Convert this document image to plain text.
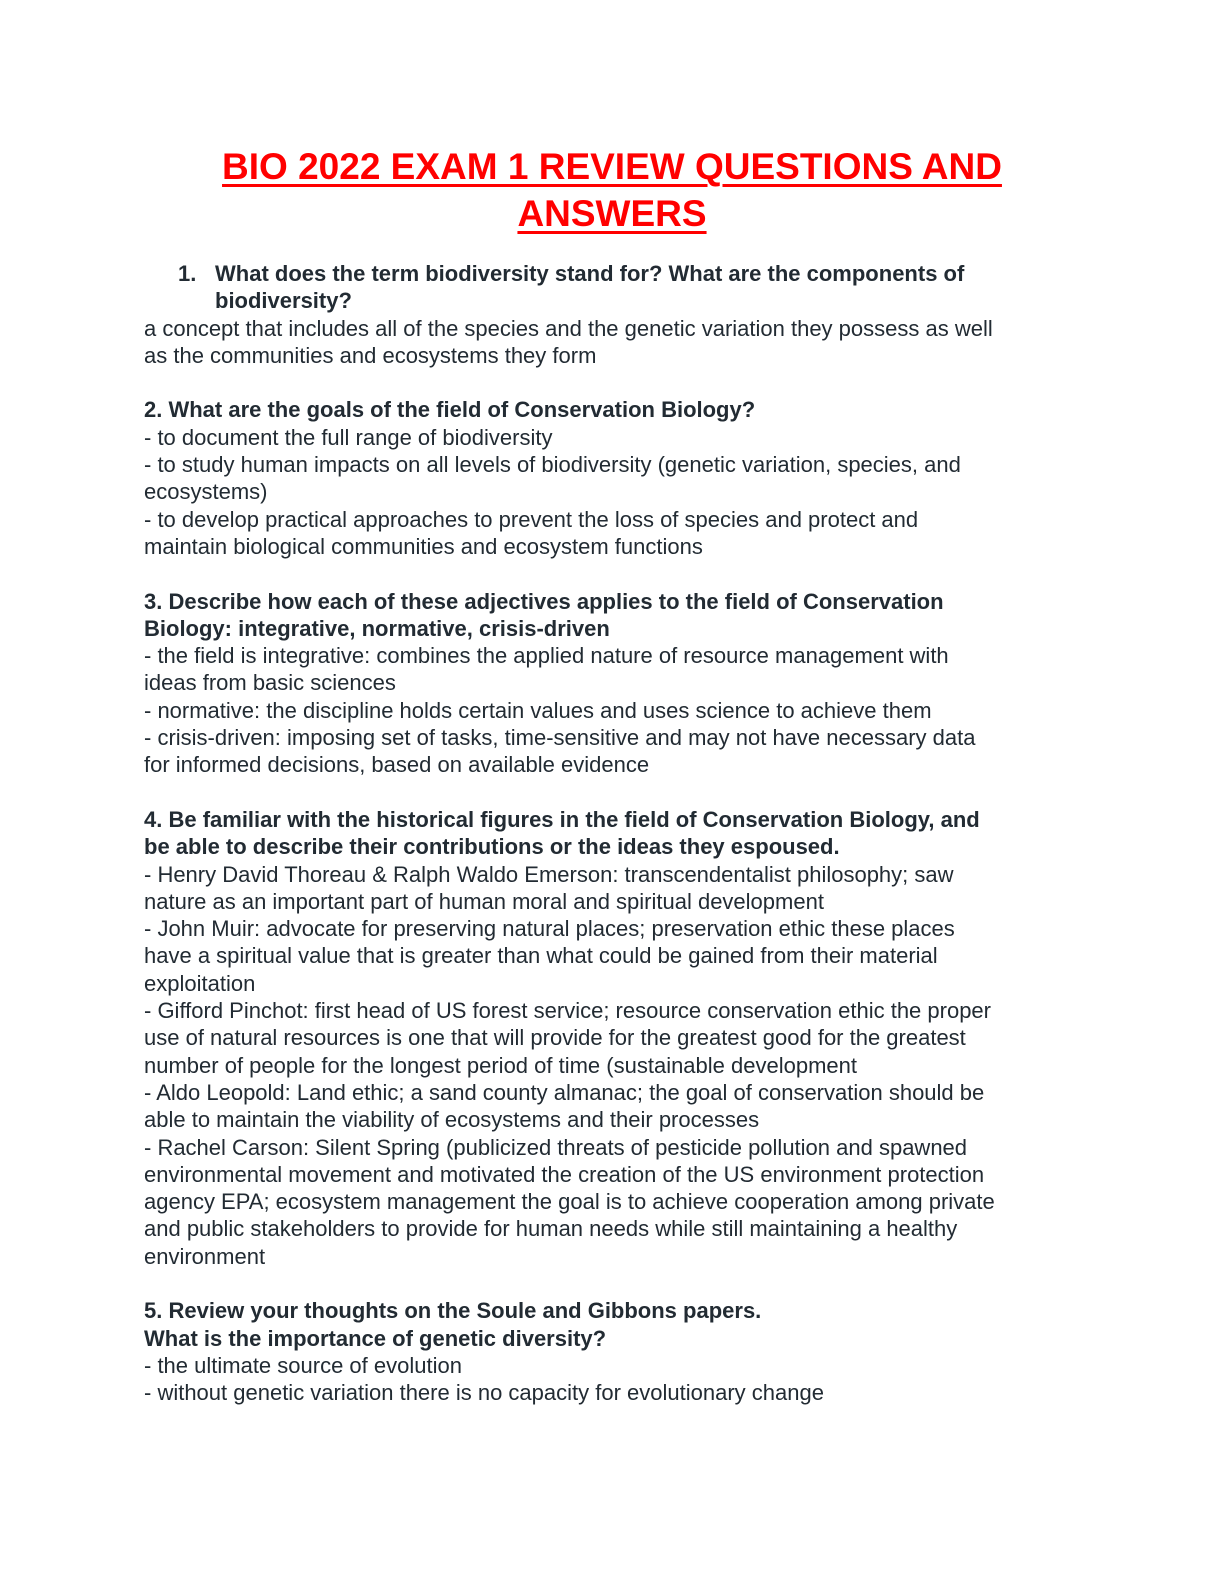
BIO 2022 EXAM 1 REVIEW QUESTIONS AND
ANSWERS
1. What does the term biodiversity stand for? What are the components of
biodiversity?
a concept that includes all of the species and the genetic variation they possess as well
as the communities and ecosystems they form
2. What are the goals of the field of Conservation Biology?
- to document the full range of biodiversity
- to study human impacts on all levels of biodiversity (genetic variation, species, and
ecosystems)
- to develop practical approaches to prevent the loss of species and protect and
maintain biological communities and ecosystem functions
3. Describe how each of these adjectives applies to the field of Conservation
Biology: integrative, normative, crisis-driven
- the field is integrative: combines the applied nature of resource management with
ideas from basic sciences
- normative: the discipline holds certain values and uses science to achieve them
- crisis-driven: imposing set of tasks, time-sensitive and may not have necessary data
for informed decisions, based on available evidence
4. Be familiar with the historical figures in the field of Conservation Biology, and
be able to describe their contributions or the ideas they espoused.
- Henry David Thoreau & Ralph Waldo Emerson: transcendentalist philosophy; saw
nature as an important part of human moral and spiritual development
- John Muir: advocate for preserving natural places; preservation ethic these places
have a spiritual value that is greater than what could be gained from their material
exploitation
- Gifford Pinchot: first head of US forest service; resource conservation ethic the proper
use of natural resources is one that will provide for the greatest good for the greatest
number of people for the longest period of time (sustainable development
- Aldo Leopold: Land ethic; a sand county almanac; the goal of conservation should be
able to maintain the viability of ecosystems and their processes
- Rachel Carson: Silent Spring (publicized threats of pesticide pollution and spawned
environmental movement and motivated the creation of the US environment protection
agency EPA; ecosystem management the goal is to achieve cooperation among private
and public stakeholders to provide for human needs while still maintaining a healthy
environment
5. Review your thoughts on the Soule and Gibbons papers.
What is the importance of genetic diversity?
- the ultimate source of evolution
- without genetic variation there is no capacity for evolutionary change
